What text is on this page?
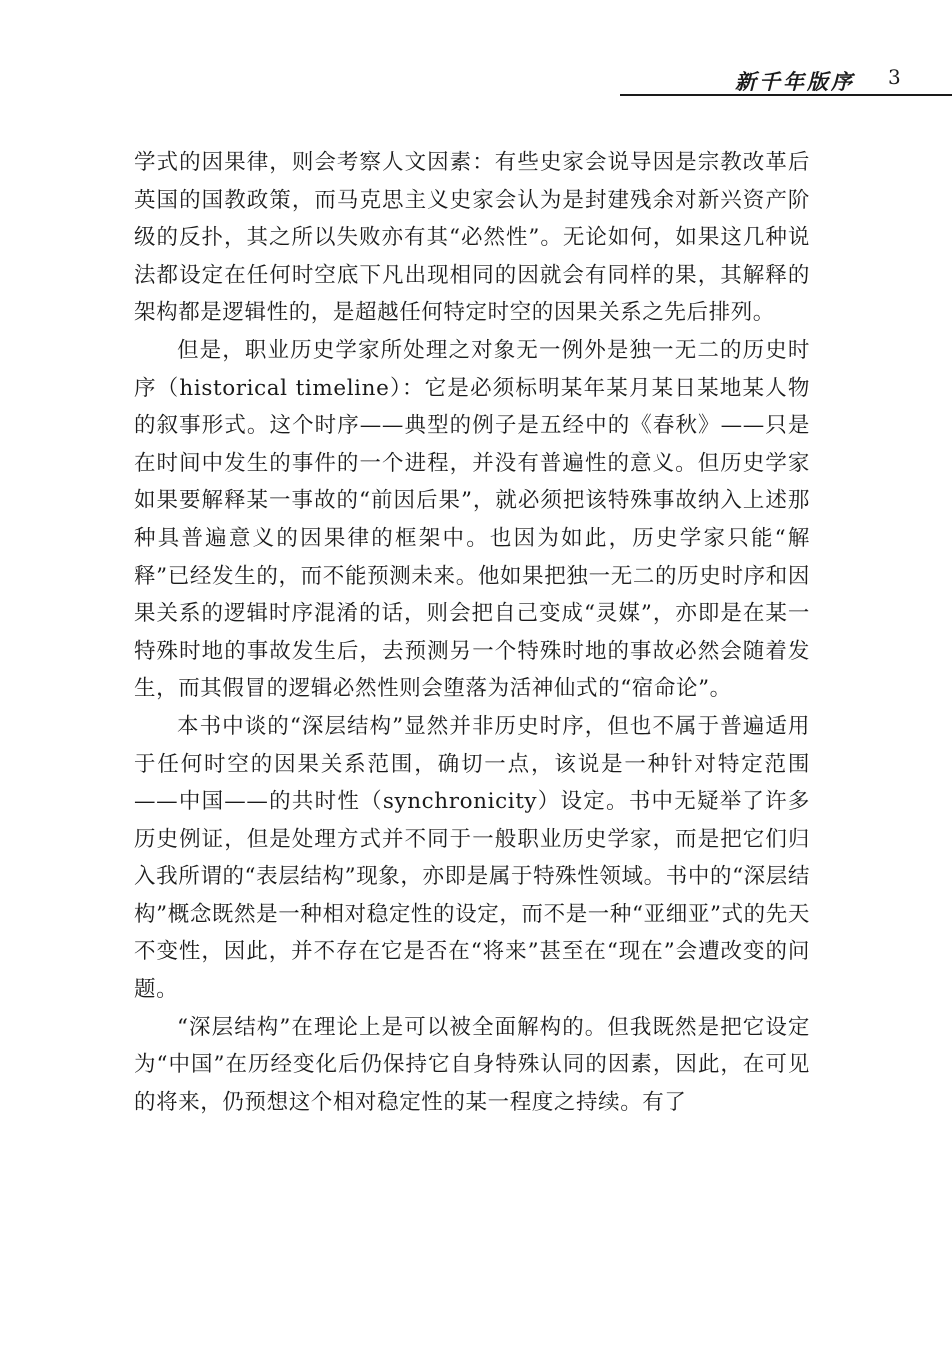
新千年版序 3

学式的因果律，则会考察人文因素：有些史家会说导因是宗教改革后英国的国教政策，而马克思主义史家会认为是封建残余对新兴资产阶级的反扑，其之所以失败亦有其“必然性”。无论如何，如果这几种说法都设定在任何时空底下凡出现相同的因就会有同样的果，其解释的架构都是逻辑性的，是超越任何特定时空的因果关系之先后排列。

但是，职业历史学家所处理之对象无一例外是独一无二的历史时序（historical timeline）：它是必须标明某年某月某日某地某人物的叙事形式。这个时序——典型的例子是五经中的《春秋》——只是在时间中发生的事件的一个进程，并没有普遍性的意义。但历史学家如果要解释某一事故的“前因后果”，就必须把该特殊事故纳入上述那种具普遍意义的因果律的框架中。也因为如此，历史学家只能“解释”已经发生的，而不能预测未来。他如果把独一无二的历史时序和因果关系的逻辑时序混淆的话，则会把自己变成“灵媒”，亦即是在某一特殊时地的事故发生后，去预测另一个特殊时地的事故必然会随着发生，而其假冒的逻辑必然性则会堕落为活神仙式的“宿命论”。

本书中谈的“深层结构”显然并非历史时序，但也不属于普遍适用于任何时空的因果关系范围，确切一点，该说是一种针对特定范围——中国——的共时性（synchronicity）设定。书中无疑举了许多历史例证，但是处理方式并不同于一般职业历史学家，而是把它们归入我所谓的“表层结构”现象，亦即是属于特殊性领域。书中的“深层结构”概念既然是一种相对稳定性的设定，而不是一种“亚细亚”式的先天不变性，因此，并不存在它是否在“将来”甚至在“现在”会遭改变的问题。

“深层结构”在理论上是可以被全面解构的。但我既然是把它设定为“中国”在历经变化后仍保持它自身特殊认同的因素，因此，在可见的将来，仍预想这个相对稳定性的某一程度之持续。有了
